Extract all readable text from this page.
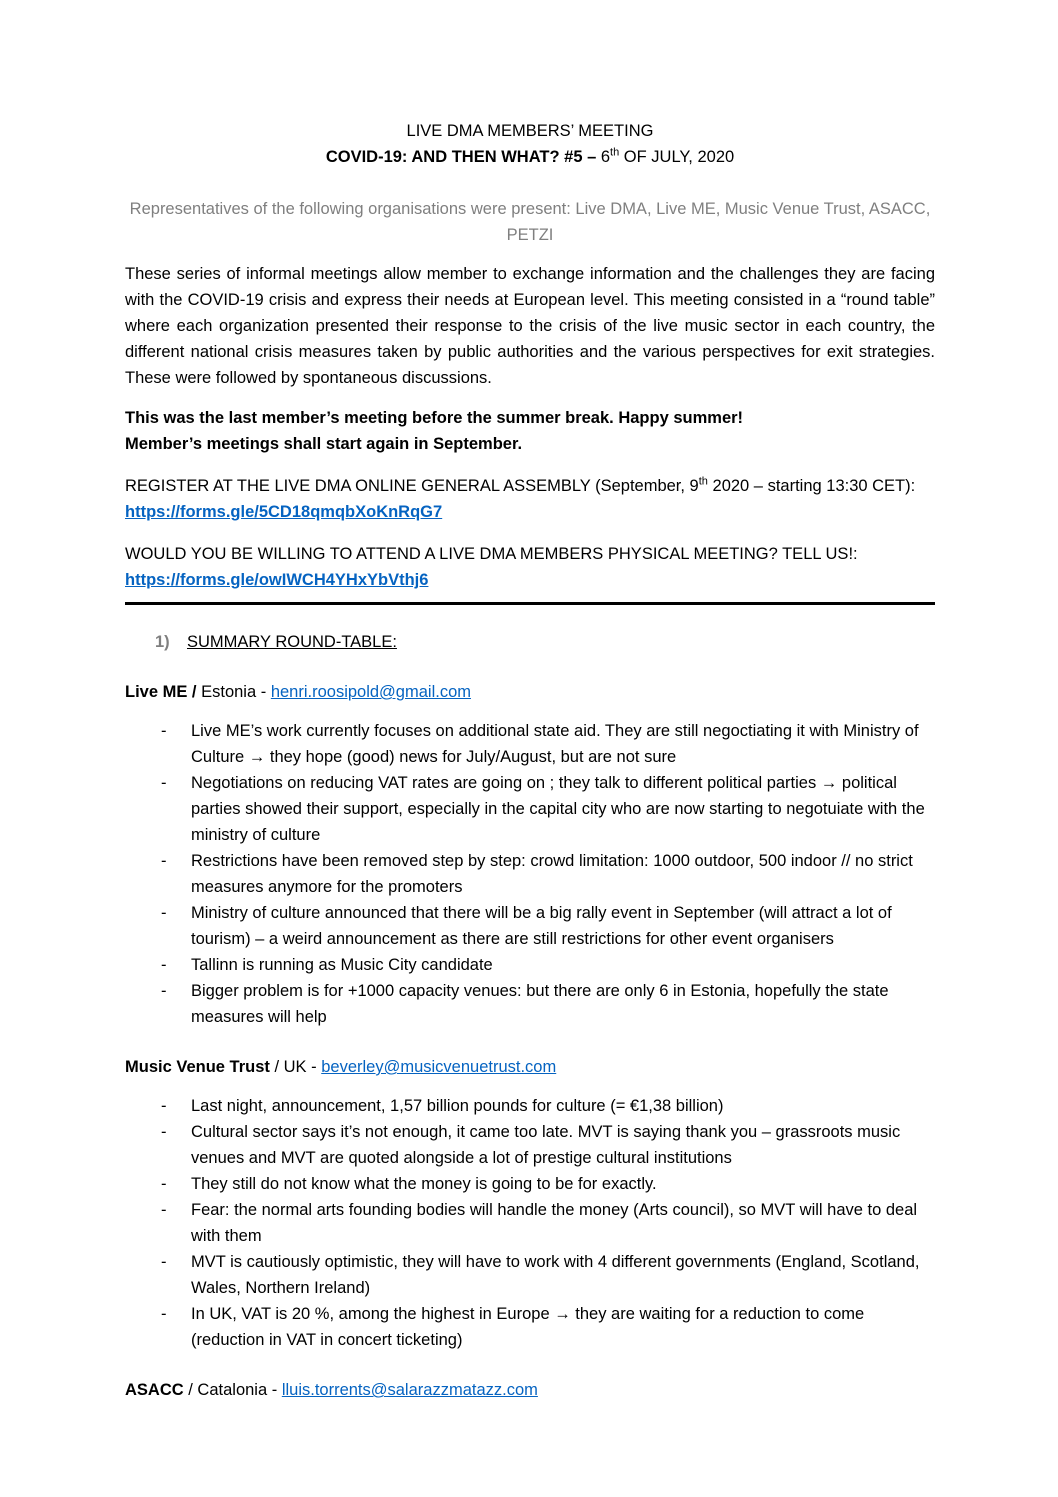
LIVE DMA MEMBERS’ MEETING

COVID-19: AND THEN WHAT? #5 – 6th OF JULY, 2020

Representatives of the following organisations were present: Live DMA, Live ME, Music Venue Trust, ASACC, PETZI

These series of informal meetings allow member to exchange information and the challenges they are facing with the COVID-19 crisis and express their needs at European level. This meeting consisted in a “round table” where each organization presented their response to the crisis of the live music sector in each country, the different national crisis measures taken by public authorities and the various perspectives for exit strategies. These were followed by spontaneous discussions.

This was the last member’s meeting before the summer break. Happy summer!

Member’s meetings shall start again in September.

REGISTER AT THE LIVE DMA ONLINE GENERAL ASSEMBLY (September, 9th 2020 – starting 13:30 CET):

https://forms.gle/5CD18qmqbXoKnRqG7

WOULD YOU BE WILLING TO ATTEND A LIVE DMA MEMBERS PHYSICAL MEETING? TELL US!:

https://forms.gle/owIWCH4YHxYbVthj6

1) SUMMARY ROUND-TABLE:

Live ME / Estonia - henri.roosipold@gmail.com

- Live ME’s work currently focuses on additional state aid. They are still negoctiating it with Ministry of Culture → they hope (good) news for July/August, but are not sure
- Negotiations on reducing VAT rates are going on ; they talk to different political parties → political parties showed their support, especially in the capital city who are now starting to negotuiate with the ministry of culture
- Restrictions have been removed step by step: crowd limitation: 1000 outdoor, 500 indoor // no strict measures anymore for the promoters
- Ministry of culture announced that there will be a big rally event in September (will attract a lot of tourism) – a weird announcement as there are still restrictions for other event organisers
- Tallinn is running as Music City candidate
- Bigger problem is for +1000 capacity venues: but there are only 6 in Estonia, hopefully the state measures will help

Music Venue Trust / UK - beverley@musicvenuetrust.com

- Last night, announcement, 1,57 billion pounds for culture (= €1,38 billion)
- Cultural sector says it’s not enough, it came too late. MVT is saying thank you – grassroots music venues and MVT are quoted alongside a lot of prestige cultural institutions
- They still do not know what the money is going to be for exactly.
- Fear: the normal arts founding bodies will handle the money (Arts council), so MVT will have to deal with them
- MVT is cautiously optimistic, they will have to work with 4 different governments (England, Scotland, Wales, Northern Ireland)
- In UK, VAT is 20 %, among the highest in Europe → they are waiting for a reduction to come (reduction in VAT in concert ticketing)

ASACC / Catalonia - lluis.torrents@salarazzmatazz.com
